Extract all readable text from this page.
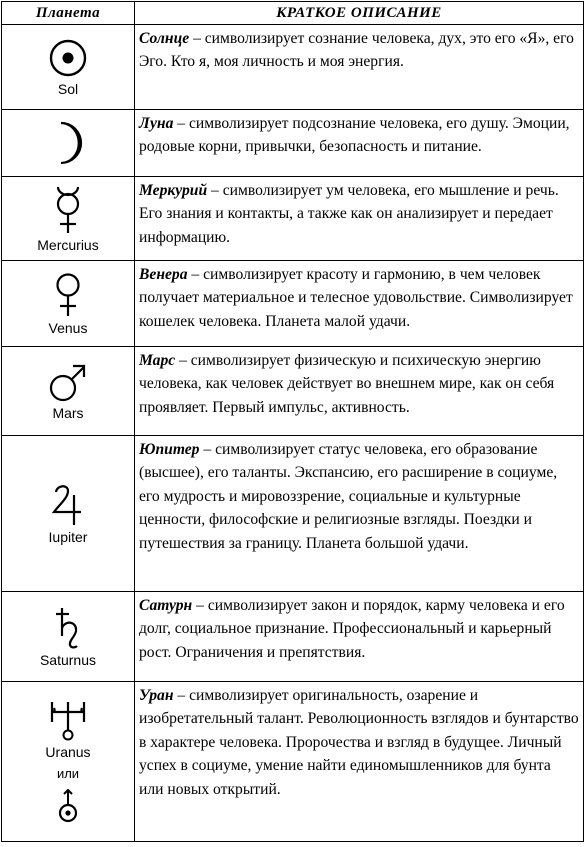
Планета	КРАТКОЕ ОПИСАНИЕ

Sol	Солнце – символизирует сознание человека, дух, это его «Я», его Эго. Кто я, моя личность и моя энергия.

	Луна – символизирует подсознание человека, его душу. Эмоции, родовые корни, привычки, безопасность и питание.

Mercurius	Меркурий – символизирует ум человека, его мышление и речь. Его знания и контакты, а также как он анализирует и передает информацию.

Venus	Венера – символизирует красоту и гармонию, в чем человек получает материальное и телесное удовольствие. Символизирует кошелек человека. Планета малой удачи.

Mars	Марс – символизирует физическую и психическую энергию человека, как человек действует во внешнем мире, как он себя проявляет. Первый импульс, активность.

Iupiter	Юпитер – символизирует статус человека, его образование (высшее), его таланты. Экспансию, его расширение в социуме, его мудрость и мировоззрение, социальные и культурные ценности, философские и религиозные взгляды. Поездки и путешествия за границу. Планета большой удачи.

Saturnus	Сатурн – символизирует закон и порядок, карму человека и его долг, социальное признание. Профессиональный и карьерный рост. Ограничения и препятствия.

Uranus
или	Уран – символизирует оригинальность, озарение и изобретательный талант. Революционность взглядов и бунтарство в характере человека. Пророчества и взгляд в будущее. Личный успех в социуме, умение найти единомышленников для бунта или новых открытий.
